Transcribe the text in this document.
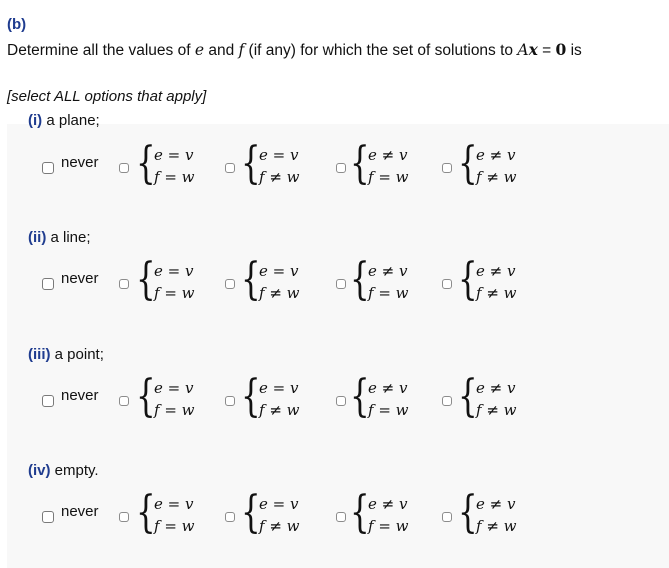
(b)
Determine all the values of e and f (if any) for which the set of solutions to Ax = 0 is
[select ALL options that apply]
(i) a plane;
never {
e = v
f = w {
e = v
f ≠ w {
e ≠ v
f = w {
e ≠ v
f ≠ w
(ii) a line;
never {
e = v
f = w {
e = v
f ≠ w {
e ≠ v
f = w {
e ≠ v
f ≠ w
(iii) a point;
never {
e = v
f = w {
e = v
f ≠ w {
e ≠ v
f = w {
e ≠ v
f ≠ w
(iv) empty.
never {
e = v
f = w {
e = v
f ≠ w {
e ≠ v
f = w {
e ≠ v
f ≠ w
